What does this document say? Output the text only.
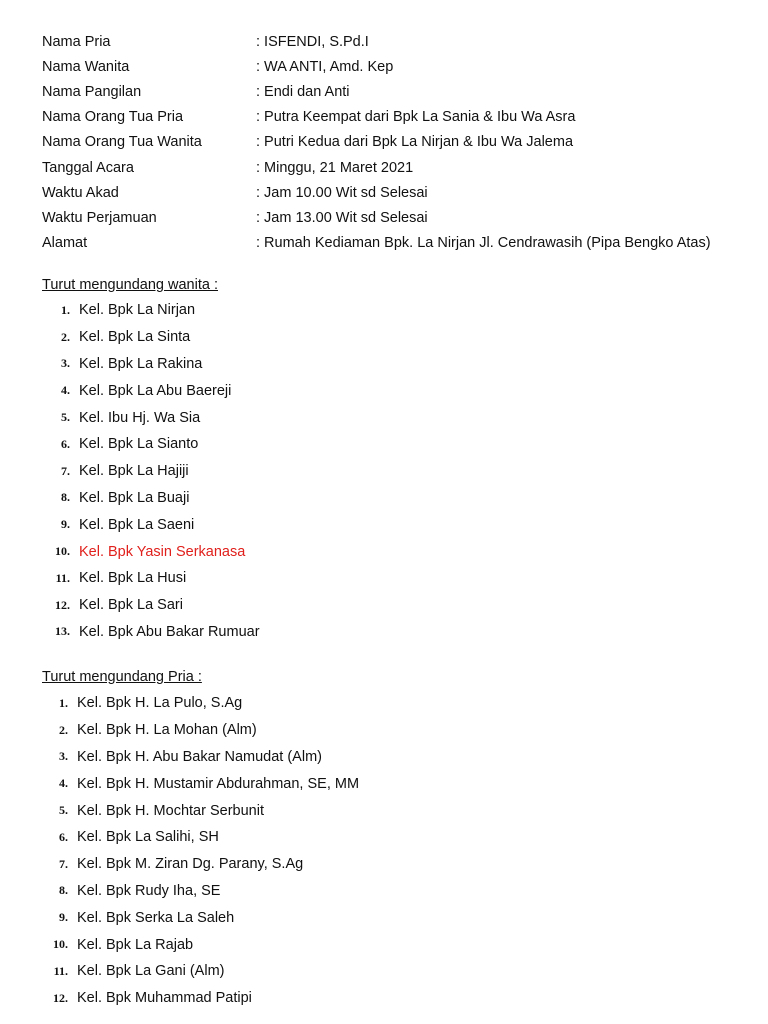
Nama Pria	: ISFENDI, S.Pd.I
Nama Wanita	: WA ANTI, Amd. Kep
Nama Pangilan	: Endi dan Anti
Nama Orang Tua Pria	: Putra Keempat dari Bpk La Sania & Ibu Wa Asra
Nama Orang Tua Wanita	: Putri Kedua dari Bpk La Nirjan & Ibu Wa Jalema
Tanggal Acara	: Minggu, 21 Maret 2021
Waktu Akad	: Jam 10.00 Wit sd Selesai
Waktu Perjamuan	: Jam 13.00 Wit sd Selesai
Alamat	: Rumah Kediaman Bpk. La Nirjan Jl. Cendrawasih (Pipa Bengko Atas)
Turut mengundang wanita :
1. Kel. Bpk La Nirjan
2. Kel. Bpk La Sinta
3. Kel. Bpk La Rakina
4. Kel. Bpk La Abu Baereji
5. Kel. Ibu Hj. Wa Sia
6. Kel. Bpk La Sianto
7. Kel. Bpk La Hajiji
8. Kel. Bpk La Buaji
9. Kel. Bpk La Saeni
10. Kel. Bpk Yasin Serkanasa
11. Kel. Bpk La Husi
12. Kel. Bpk La Sari
13. Kel. Bpk Abu Bakar Rumuar
Turut mengundang Pria :
1. Kel. Bpk H. La Pulo, S.Ag
2. Kel. Bpk H. La Mohan (Alm)
3. Kel. Bpk H. Abu Bakar Namudat (Alm)
4. Kel. Bpk H. Mustamir Abdurahman, SE, MM
5. Kel. Bpk H. Mochtar Serbunit
6. Kel. Bpk La Salihi, SH
7. Kel. Bpk M. Ziran Dg. Parany, S.Ag
8. Kel. Bpk Rudy Iha, SE
9. Kel. Bpk Serka La Saleh
10. Kel. Bpk La Rajab
11. Kel. Bpk La Gani (Alm)
12. Kel. Bpk Muhammad Patipi
